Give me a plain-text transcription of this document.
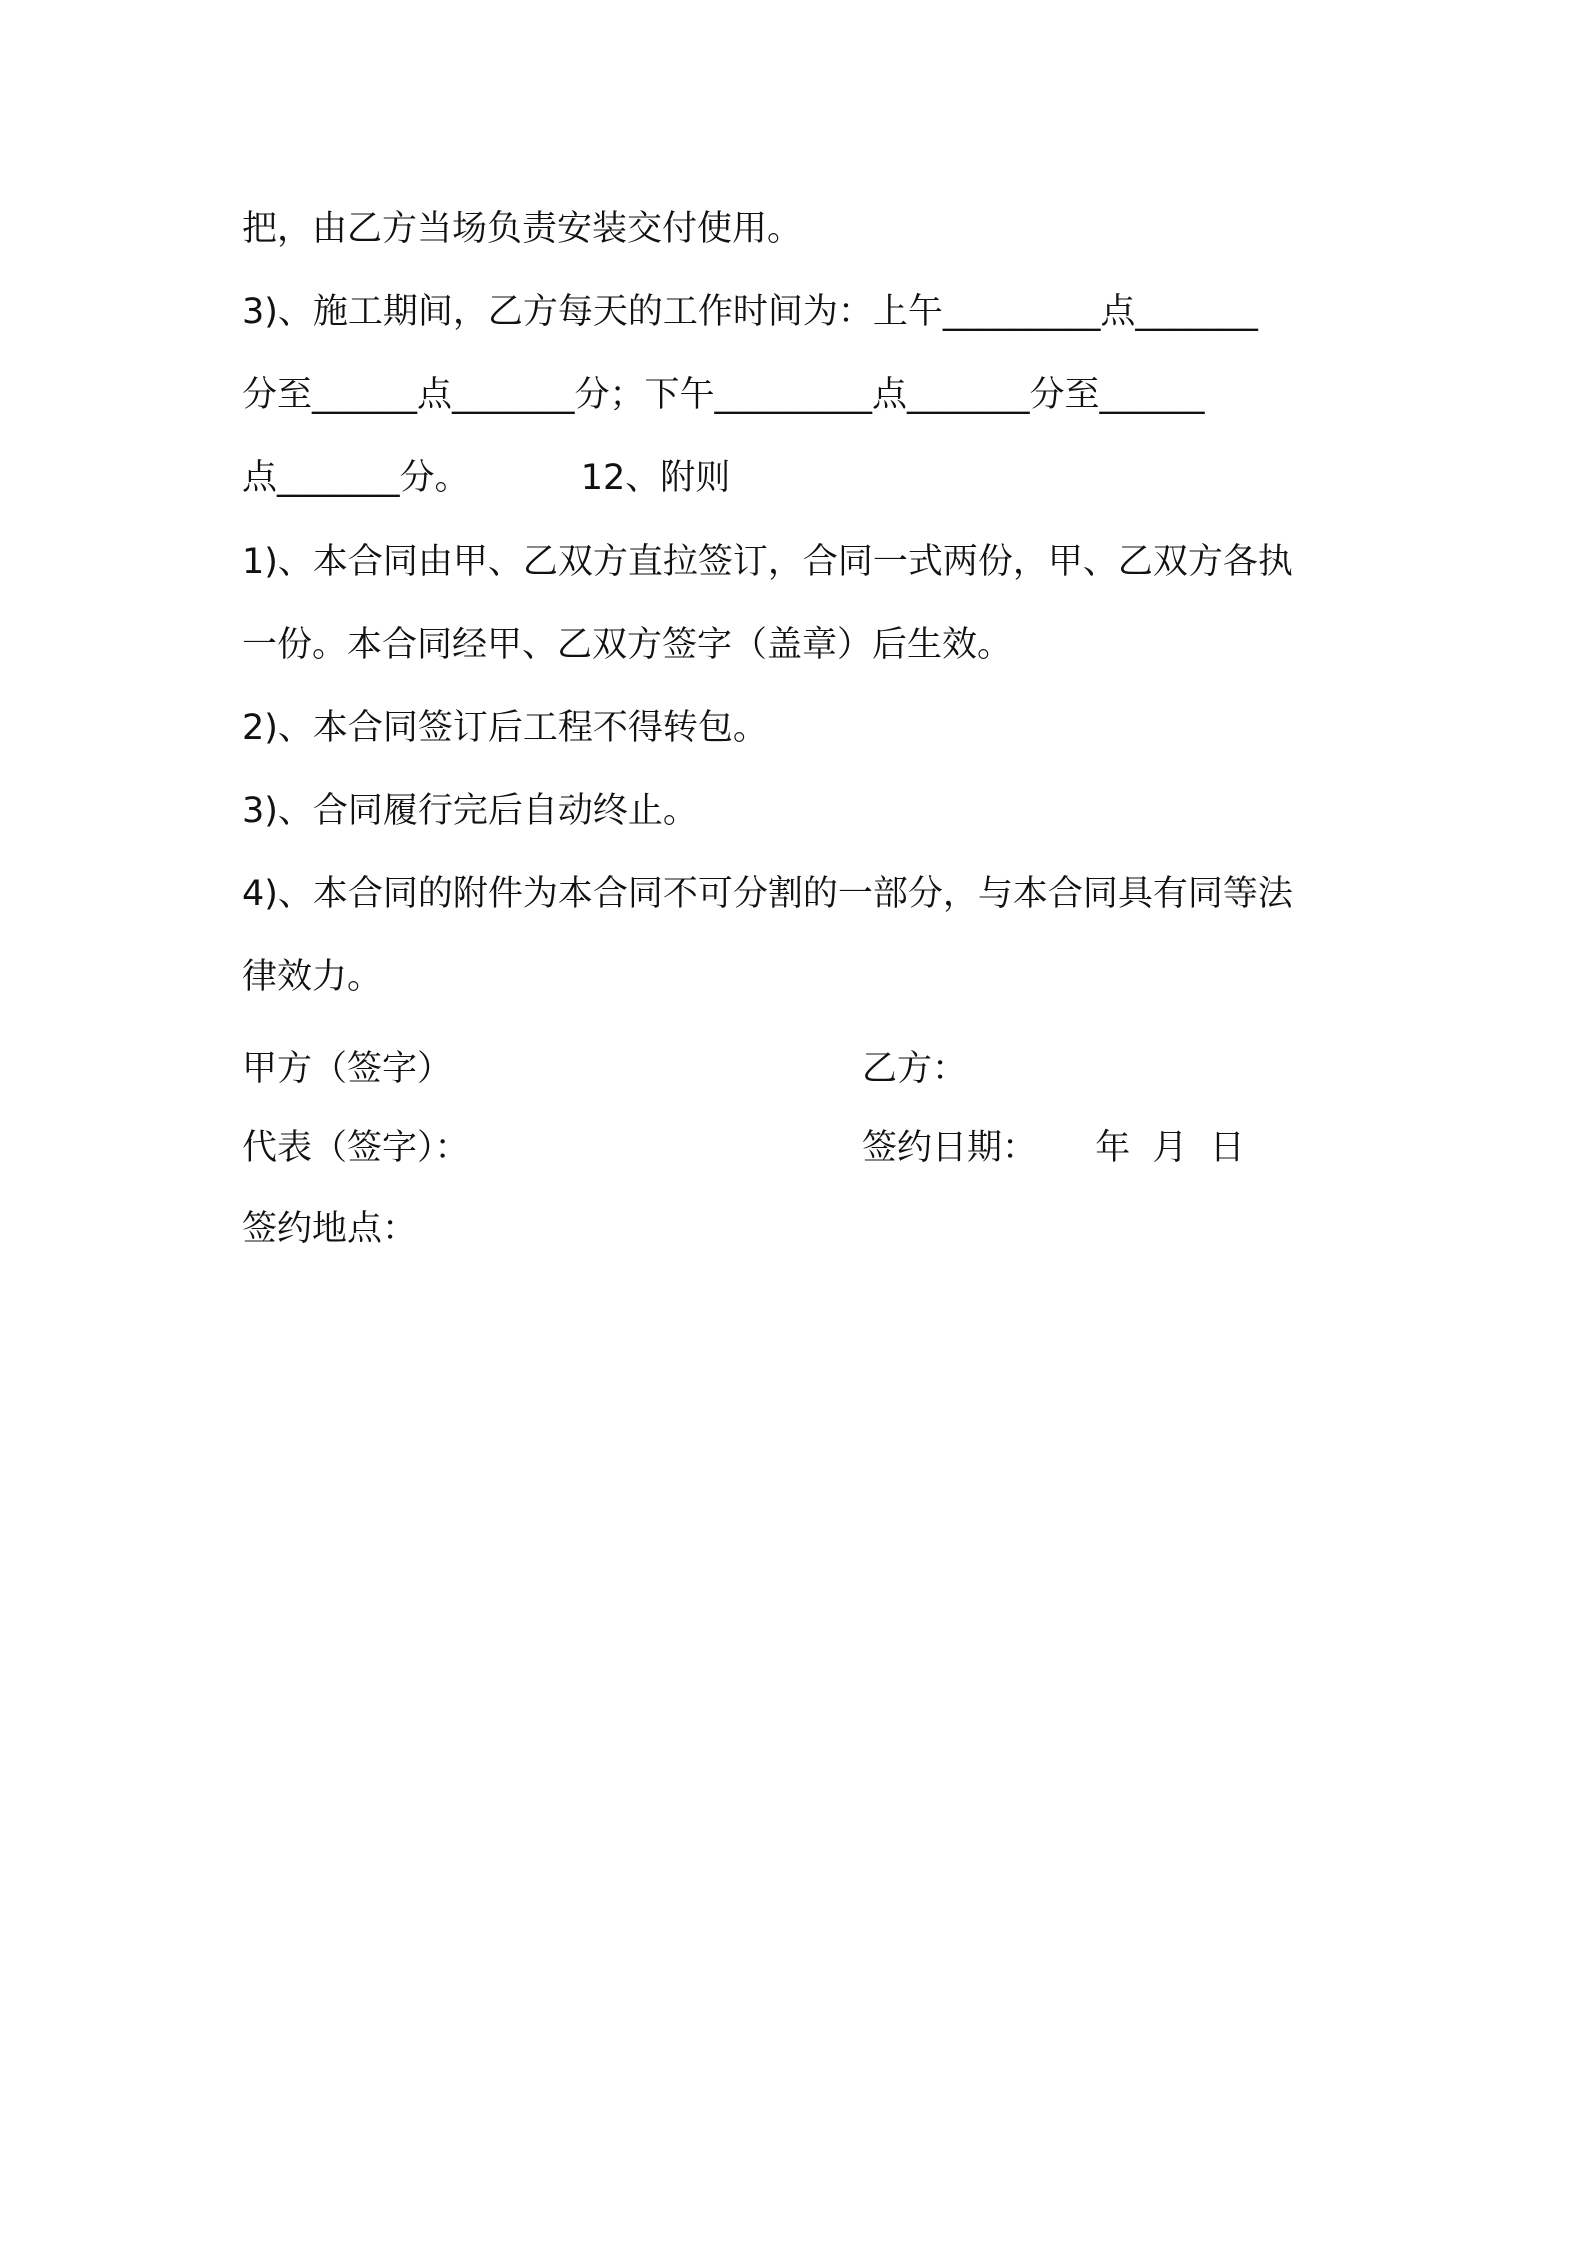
把，由乙方当场负责安装交付使用。
3)、施工期间，乙方每天的工作时间为：上午_________点_______
分至______点_______分；下午_________点_______分至______
点_______分。          12、附则
1)、本合同由甲、乙双方直拉签订，合同一式两份，甲、乙双方各执
一份。本合同经甲、乙双方签字（盖章）后生效。
2)、本合同签订后工程不得转包。
3)、合同履行完后自动终止。
4)、本合同的附件为本合同不可分割的一部分，与本合同具有同等法
律效力。
甲方（签字）	乙方：
代表（签字）：	签约日期： 年  月  日
签约地点：
